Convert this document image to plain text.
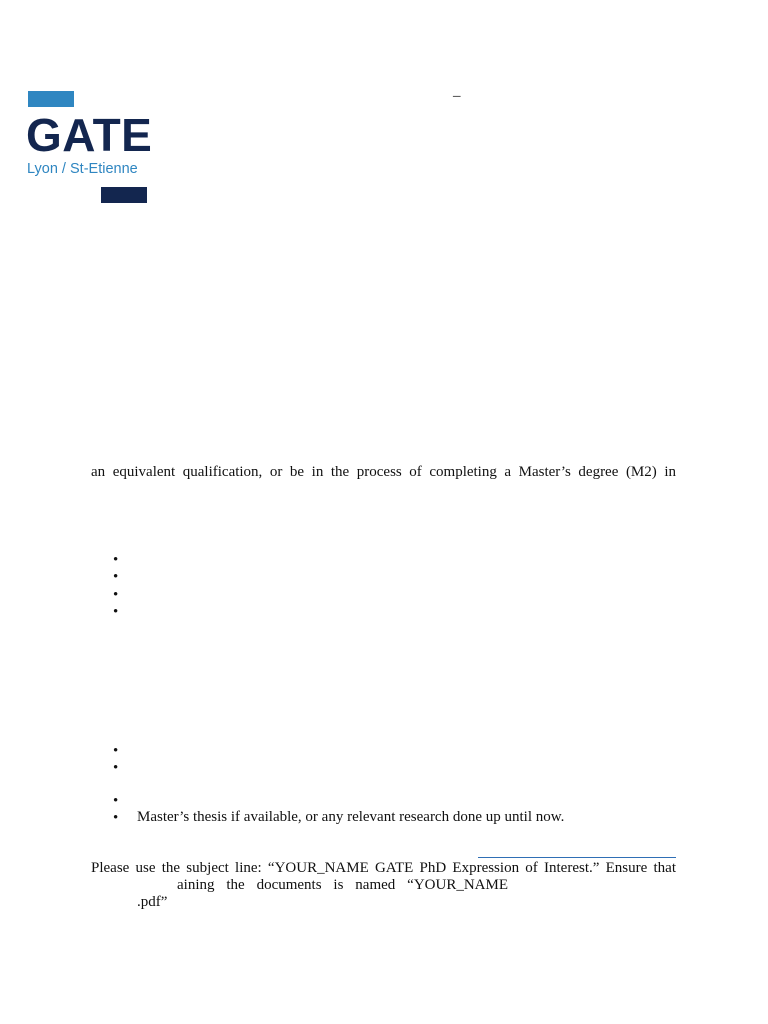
GATE
Lyon / St-Etienne
–
an equivalent qualification, or be in the process of completing a Master’s degree (M2) in
•
•
•
•
•
•
•
•
Master’s thesis if available, or any relevant research done up until now.
Please use the subject line: “YOUR_NAME GATE PhD Expression of Interest.” Ensure that
aining the documents is named “YOUR_NAME
.pdf”
